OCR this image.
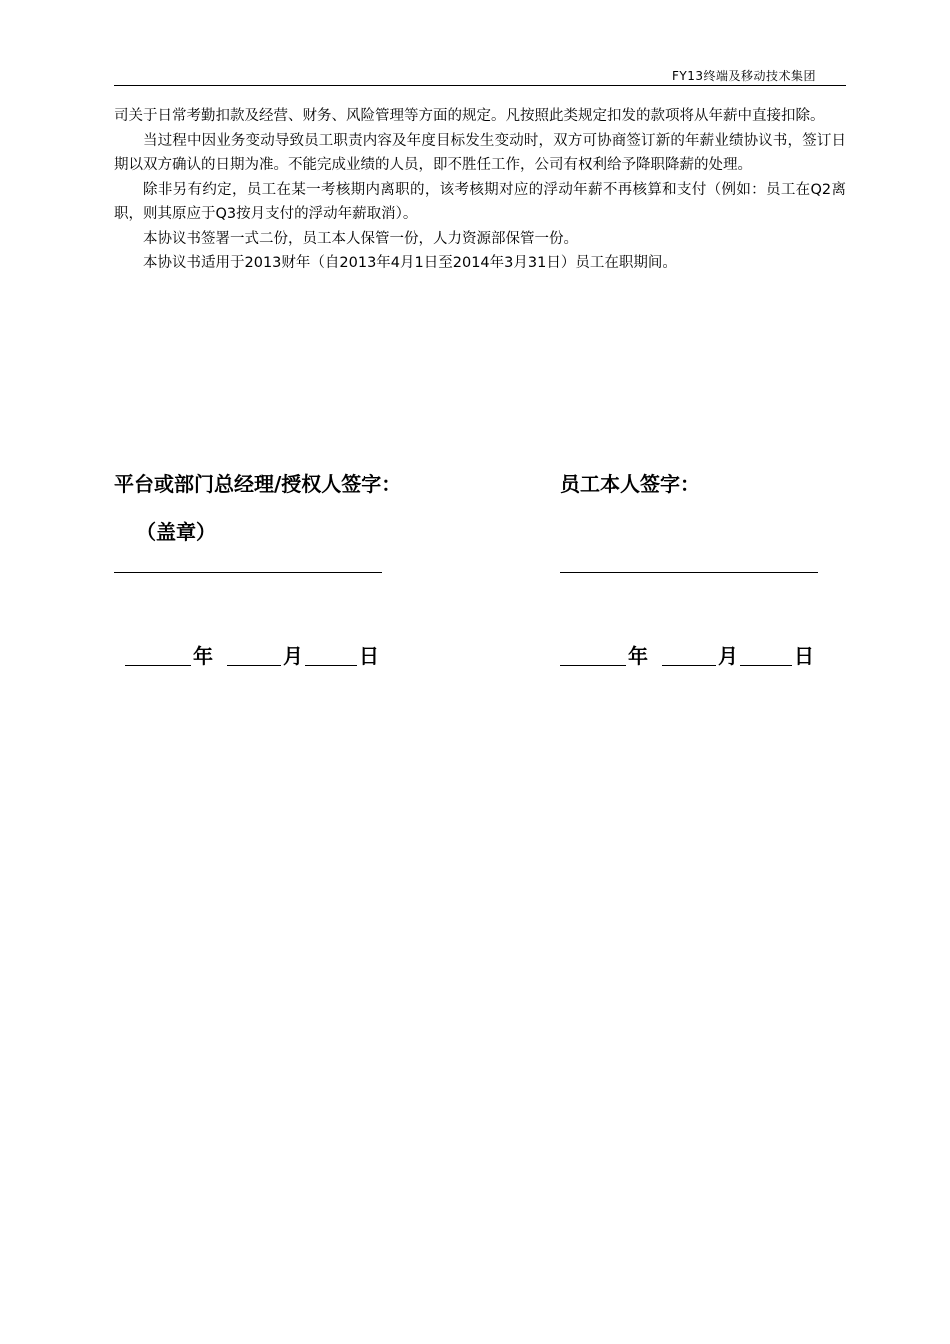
FY13终端及移动技术集团

司关于日常考勤扣款及经营、财务、风险管理等方面的规定。凡按照此类规定扣发的款项将从年薪中直接扣除。

当过程中因业务变动导致员工职责内容及年度目标发生变动时，双方可协商签订新的年薪业绩协议书，签订日期以双方确认的日期为准。不能完成业绩的人员，即不胜任工作，公司有权利给予降职降薪的处理。

除非另有约定，员工在某一考核期内离职的，该考核期对应的浮动年薪不再核算和支付（例如：员工在Q2离职，则其原应于Q3按月支付的浮动年薪取消）。

本协议书签署一式二份，员工本人保管一份，人力资源部保管一份。

本协议书适用于2013财年（自2013年4月1日至2014年3月31日）员工在职期间。

平台或部门总经理/授权人签字：
（盖章）
年	月	日
员工本人签字：
年	月	日
